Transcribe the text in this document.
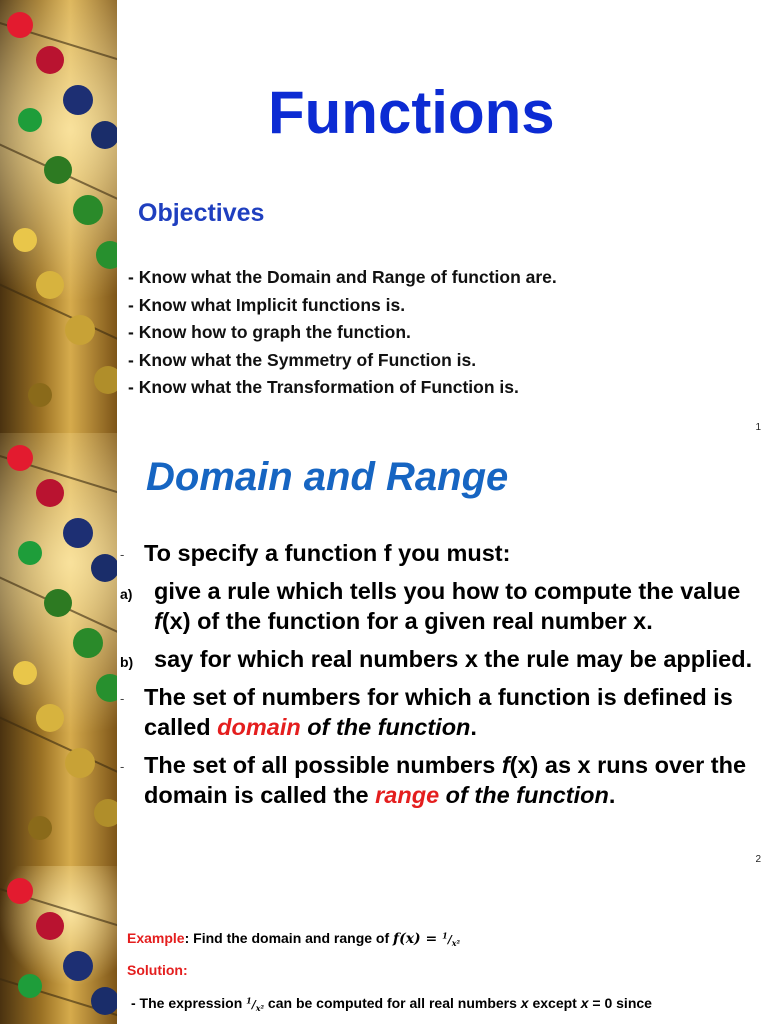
Functions
Objectives
- Know what the Domain and Range of function are.
- Know what Implicit functions is.
- Know how to graph the function.
- Know what the Symmetry of Function is.
- Know what the Transformation of Function is.
1
Domain and Range
- To specify a function f you must:
a) give a rule which tells you how to compute the value f(x) of the function for a given real number x.
b) say for which real numbers x the rule may be applied.
- The set of numbers for which a function is defined is called domain of the function.
- The set of all possible numbers f(x) as x runs over the domain is called the range of the function.
2
Example: Find the domain and range of $f(x) = ^1/_{x^2}$
Solution:
- The expression $^1/_{x^2}$ can be computed for all real numbers x except x = 0 since
